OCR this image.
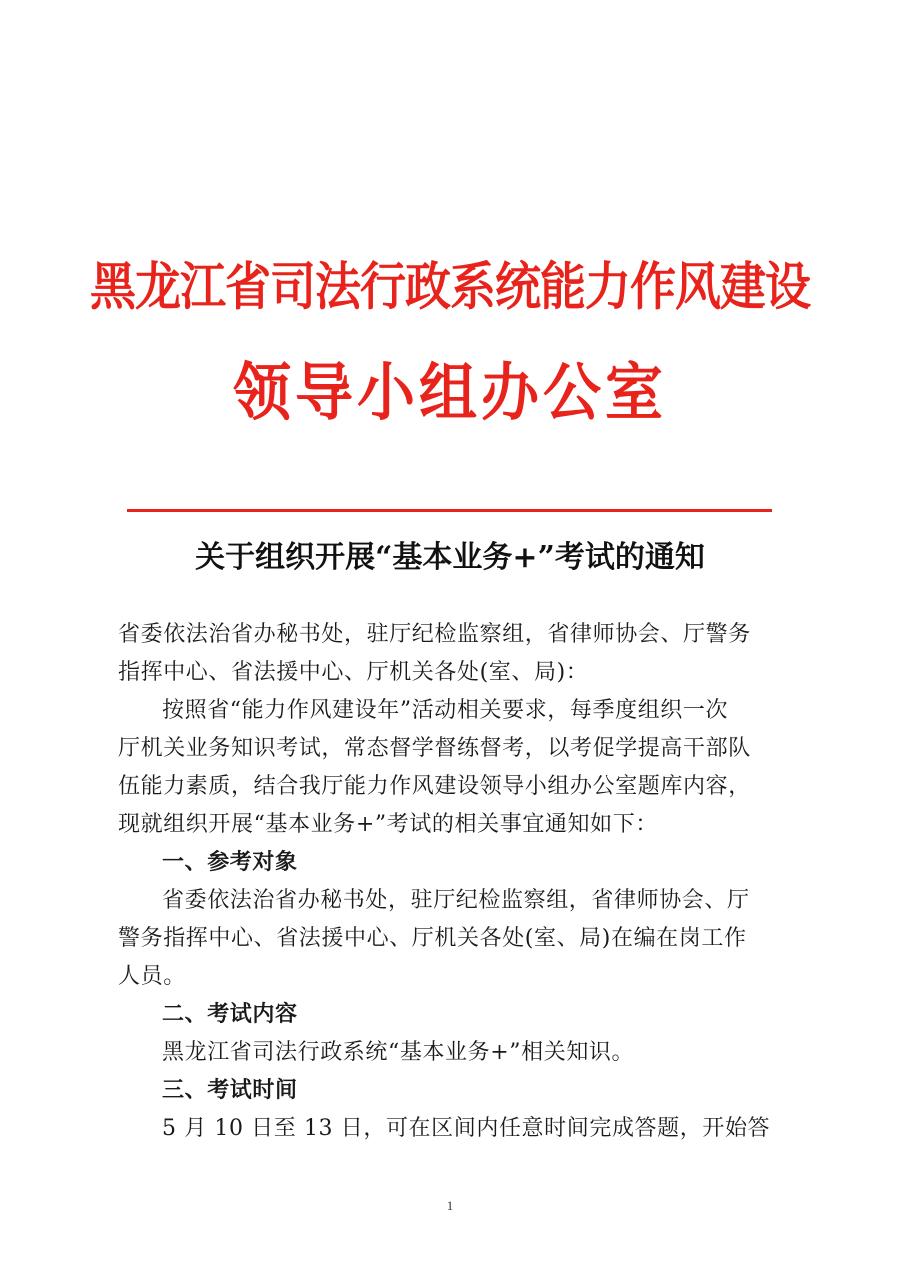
黑龙江省司法行政系统能力作风建设
领导小组办公室
关于组织开展“基本业务+”考试的通知
省委依法治省办秘书处，驻厅纪检监察组，省律师协会、厅警务
指挥中心、省法援中心、厅机关各处(室、局)：
按照省“能力作风建设年”活动相关要求，每季度组织一次
厅机关业务知识考试，常态督学督练督考，以考促学提高干部队
伍能力素质，结合我厅能力作风建设领导小组办公室题库内容，
现就组织开展“基本业务+”考试的相关事宜通知如下：
一、参考对象
省委依法治省办秘书处，驻厅纪检监察组，省律师协会、厅
警务指挥中心、省法援中心、厅机关各处(室、局)在编在岗工作
人员。
二、考试内容
黑龙江省司法行政系统“基本业务+”相关知识。
三、考试时间
5 月 10 日至 13 日，可在区间内任意时间完成答题，开始答
1
